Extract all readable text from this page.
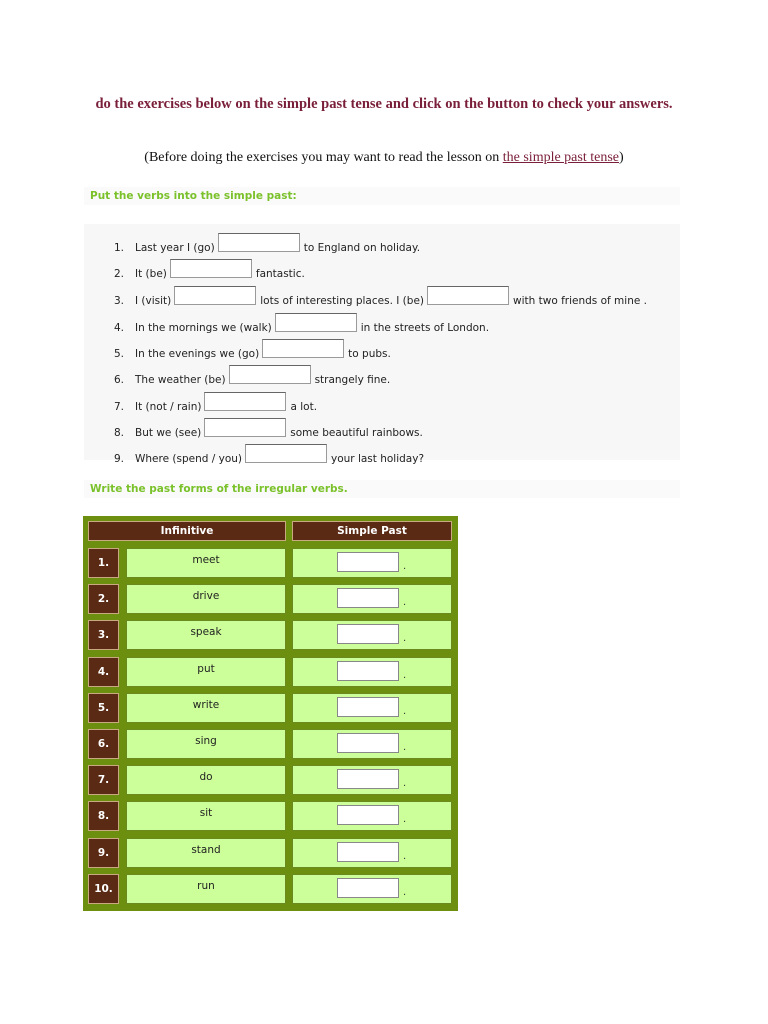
do the exercises below on the simple past tense and click on the button to check your answers.
(Before doing the exercises you may want to read the lesson on the simple past tense)
Put the verbs into the simple past:
1. Last year I (go)	to England on holiday.
2. It (be)	fantastic.
3. I (visit)	lots of interesting places. I (be)	with two friends of mine .
4. In the mornings we (walk)	in the streets of London.
5. In the evenings we (go)	to pubs.
6. The weather (be)	strangely fine.
7. It (not / rain)	a lot.
8. But we (see)	some beautiful rainbows.
9. Where (spend / you)	your last holiday?
Write the past forms of the irregular verbs.
Infinitive	Simple Past
1.	meet
.
2.	drive
.
3.	speak
.
4.	put
.
5.	write
.
6.	sing
.
7.	do
.
8.	sit
.
9.	stand
.
10.	run
.
